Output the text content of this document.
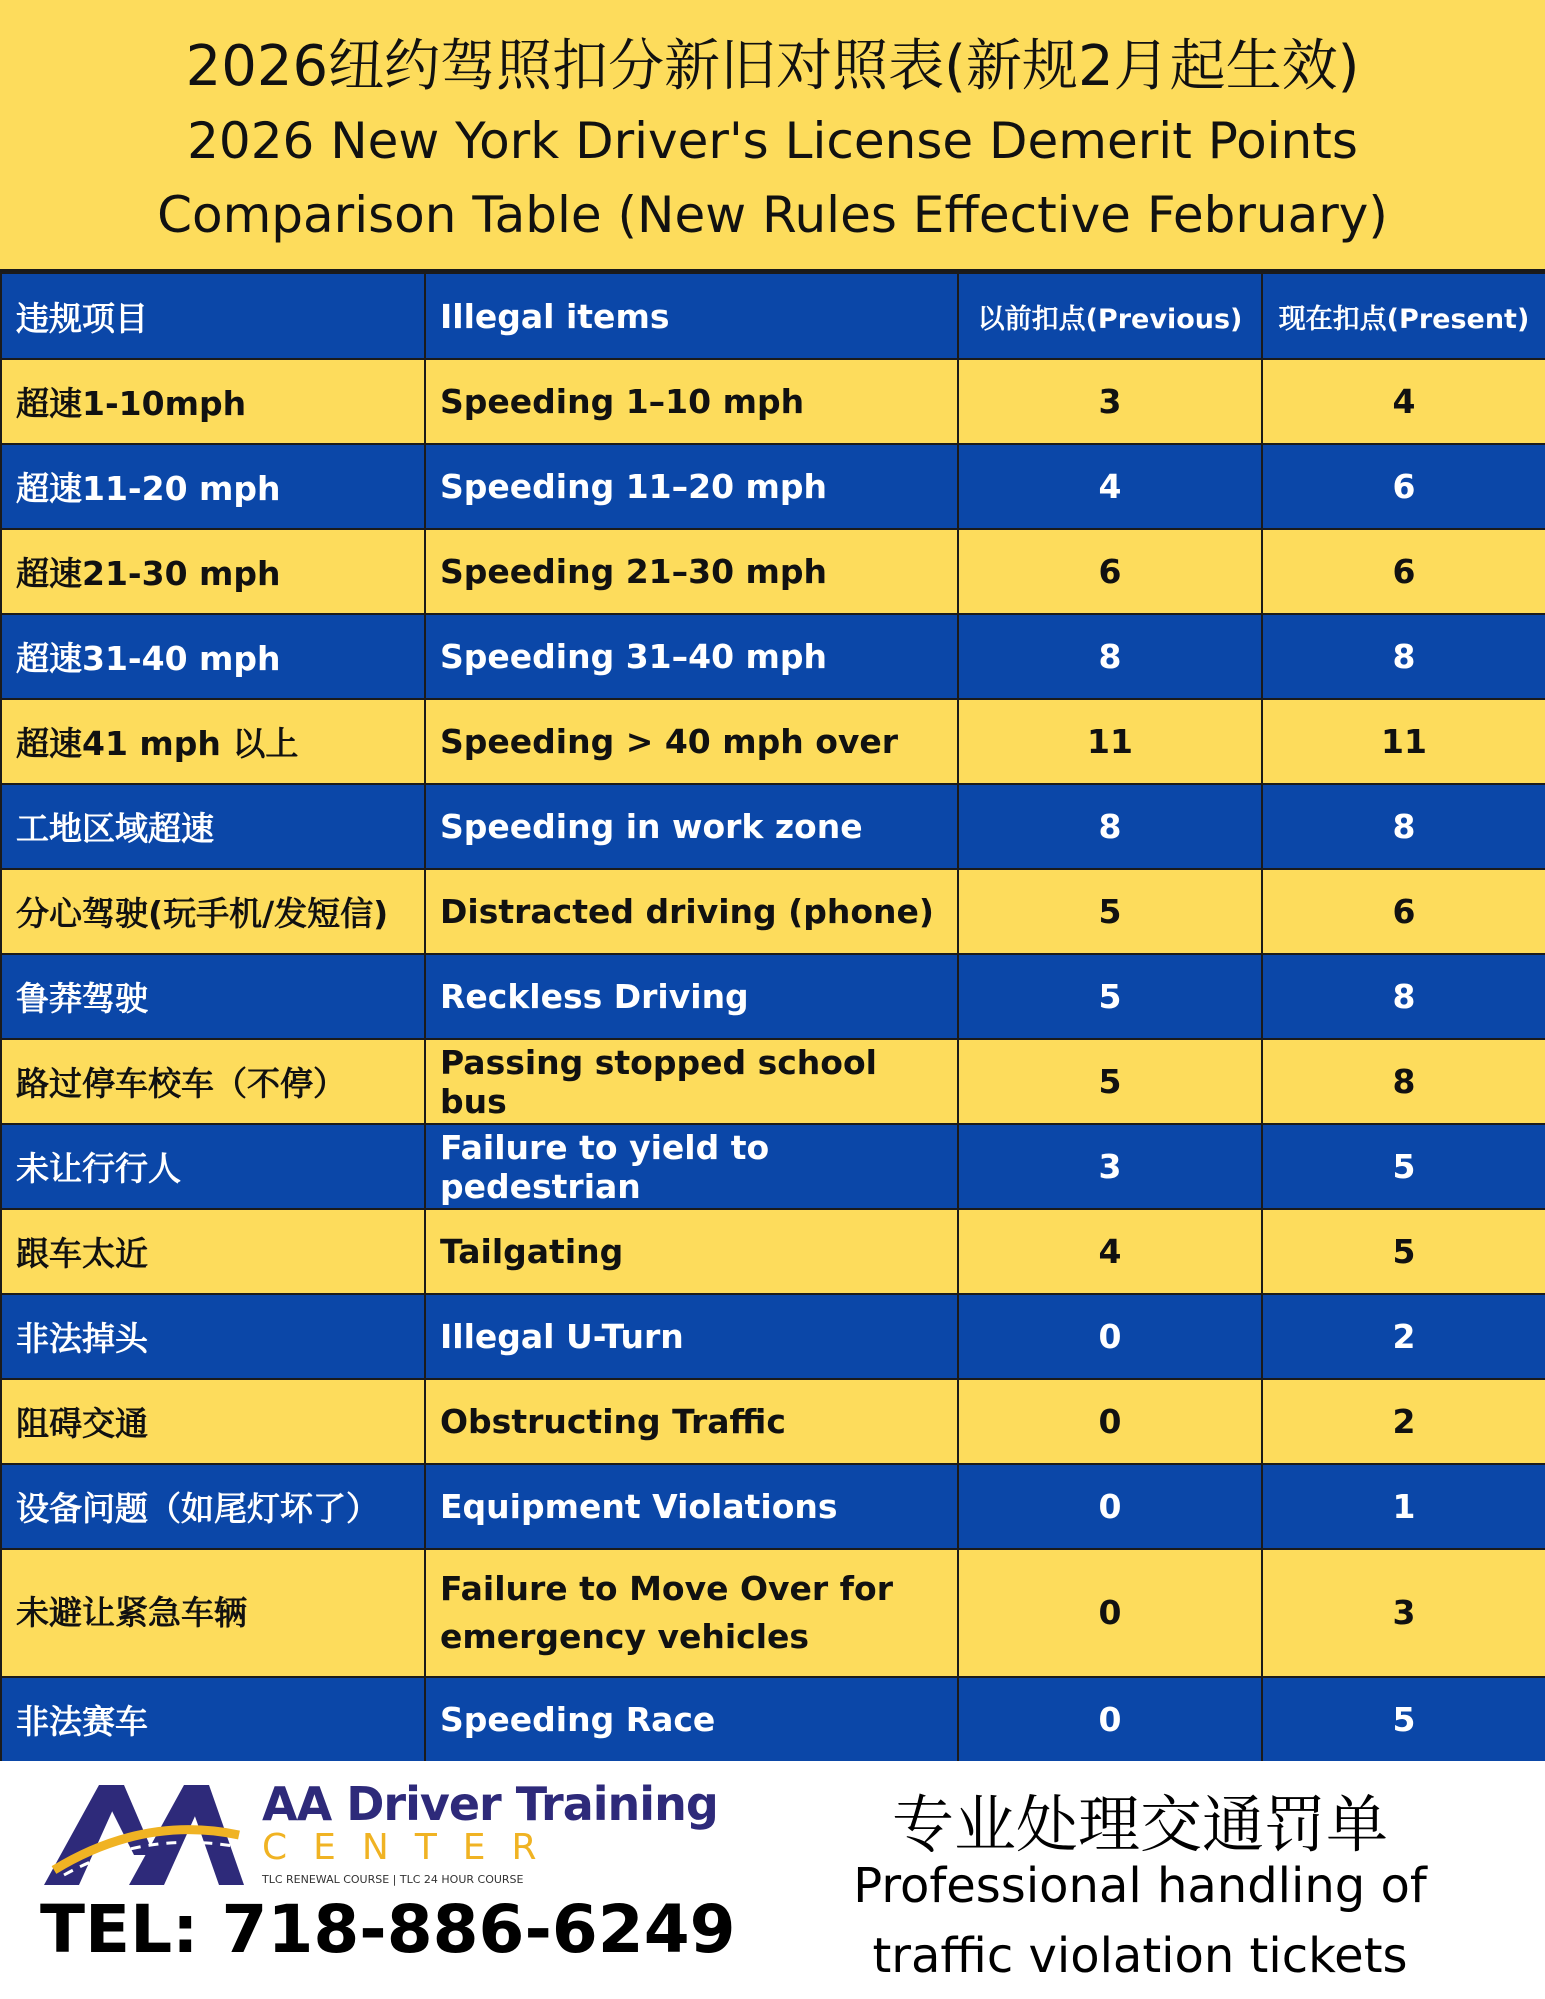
2026纽约驾照扣分新旧对照表(新规2月起生效)
2026 New York Driver's License Demerit Points
Comparison Table (New Rules Effective February)
违规项目	Illegal items	以前扣点(Previous)	现在扣点(Present)
超速1-10mph	Speeding 1–10 mph	3	4
超速11-20 mph	Speeding 11–20 mph	4	6
超速21-30 mph	Speeding 21–30 mph	6	6
超速31-40 mph	Speeding 31–40 mph	8	8
超速41 mph 以上	Speeding > 40 mph over	11	11
工地区域超速	Speeding in work zone	8	8
分心驾驶(玩手机/发短信)	Distracted driving (phone)	5	6
鲁莽驾驶	Reckless Driving	5	8
路过停车校车（不停）	Passing stopped school bus	5	8
未让行行人	Failure to yield to pedestrian	3	5
跟车太近	Tailgating	4	5
非法掉头	Illegal U-Turn	0	2
阻碍交通	Obstructing Traffic	0	2
设备问题（如尾灯坏了）	Equipment Violations	0	1
未避让紧急车辆	Failure to Move Over for emergency vehicles	0	3
非法赛车	Speeding Race	0	5
AA Driver Training
CENTER
TLC RENEWAL COURSE | TLC 24 HOUR COURSE
TEL: 718-886-6249
专业处理交通罚单
Professional handling of
traffic violation tickets
